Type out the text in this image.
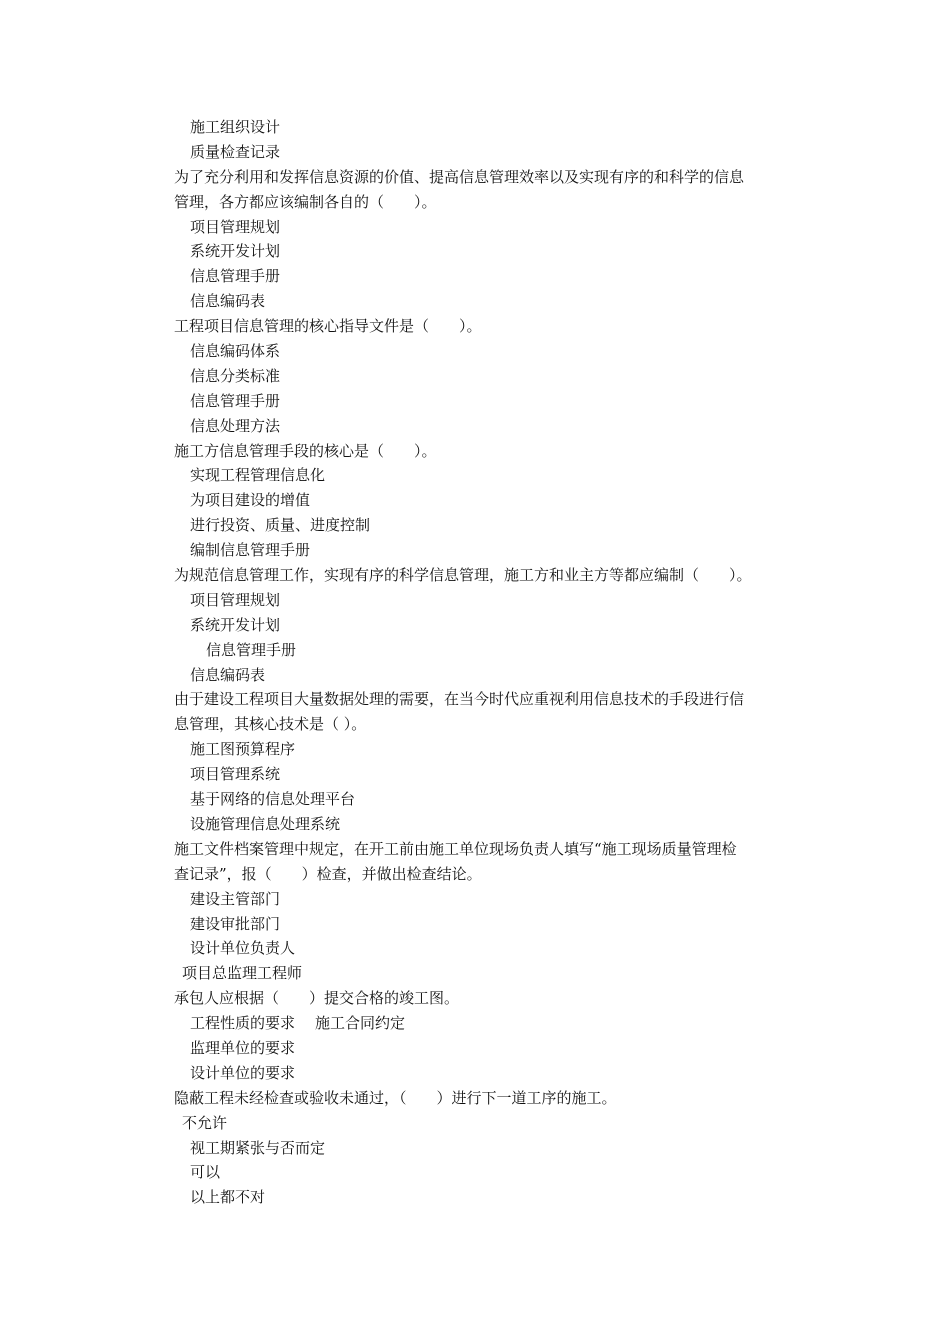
施工组织设计
质量检查记录
为了充分利用和发挥信息资源的价值、提高信息管理效率以及实现有序的和科学的信息
管理，各方都应该编制各自的（　　）。
项目管理规划
系统开发计划
信息管理手册
信息编码表
工程项目信息管理的核心指导文件是（　　）。
信息编码体系
信息分类标准
信息管理手册
信息处理方法
施工方信息管理手段的核心是（　　）。
实现工程管理信息化
为项目建设的增值
进行投资、质量、进度控制
编制信息管理手册
为规范信息管理工作，实现有序的科学信息管理，施工方和业主方等都应编制（　　）。
项目管理规划
系统开发计划
信息管理手册
信息编码表
由于建设工程项目大量数据处理的需要，在当今时代应重视利用信息技术的手段进行信
息管理，其核心技术是（ ）。
施工图预算程序
项目管理系统
基于网络的信息处理平台
设施管理信息处理系统
施工文件档案管理中规定，在开工前由施工单位现场负责人填写“施工现场质量管理检
查记录”，报（　　）检查，并做出检查结论。
建设主管部门
建设审批部门
设计单位负责人
项目总监理工程师
承包人应根据（　　）提交合格的竣工图。
工程性质的要求 施工合同约定
监理单位的要求
设计单位的要求
隐蔽工程未经检查或验收未通过，（　　）进行下一道工序的施工。
不允许
视工期紧张与否而定
可以
以上都不对
